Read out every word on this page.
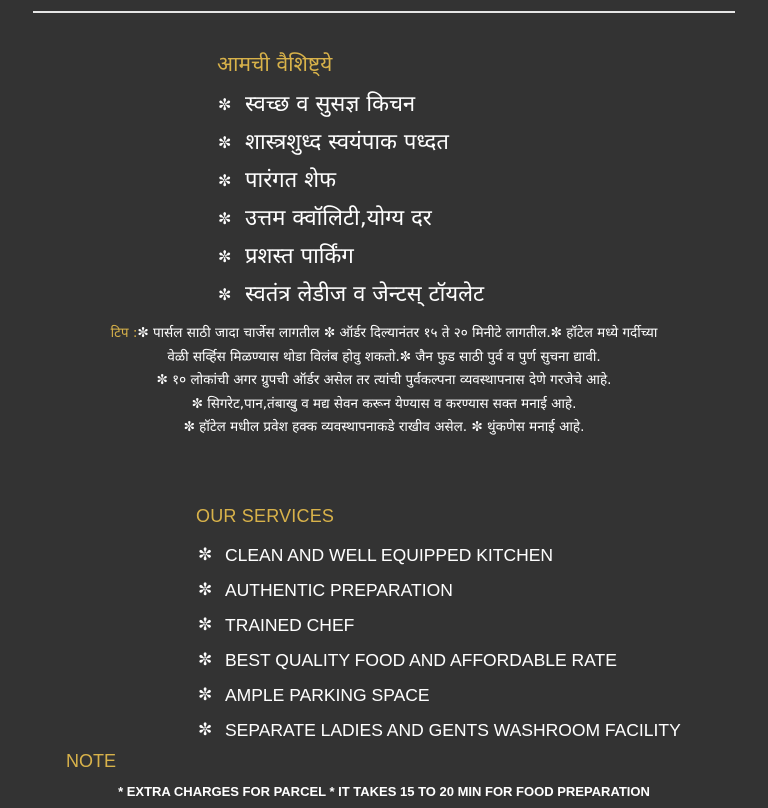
आमची वैशिष्ट्ये
✼ स्वच्छ व सुसज्ञ किचन
✼ शास्त्रशुध्द स्वयंपाक पध्दत
✼ पारंगत शेफ
✼ उत्तम क्वॉलिटी,योग्य दर
✼ प्रशस्त पार्किंग
✼ स्वतंत्र लेडीज व जेन्टस् टॉयलेट
टिप :✼ पार्सल साठी जादा चार्जेस लागतील ✼ ऑर्डर दिल्यानंतर १५ ते २० मिनीटे लागतील.✼ हॉटेल मध्ये गर्दीच्या
वेळी सर्व्हिस मिळण्यास थोडा विलंब होवु शकतो.✼ जैन फुड साठी पुर्व व पुर्ण सुचना द्यावी.
✼ १० लोकांची अगर ग्रुपची ऑर्डर असेल तर त्यांची पुर्वकल्पना व्यवस्थापनास देणे गरजेचे आहे.
✼ सिगरेट,पान,तंबाखु व मद्य सेवन करून येण्यास व करण्यास सक्त मनाई आहे.
✼ हॉटेल मधील प्रवेश हक्क व्यवस्थापनाकडे राखीव असेल. ✼ थुंकणेस मनाई आहे.
OUR SERVICES
✼ CLEAN AND WELL EQUIPPED KITCHEN
✼ AUTHENTIC PREPARATION
✼ TRAINED CHEF
✼ BEST QUALITY FOOD AND AFFORDABLE RATE
✼ AMPLE PARKING SPACE
✼ SEPARATE LADIES AND GENTS WASHROOM FACILITY
NOTE
* EXTRA CHARGES FOR PARCEL * IT TAKES 15 TO 20 MIN FOR FOOD PREPARATION
